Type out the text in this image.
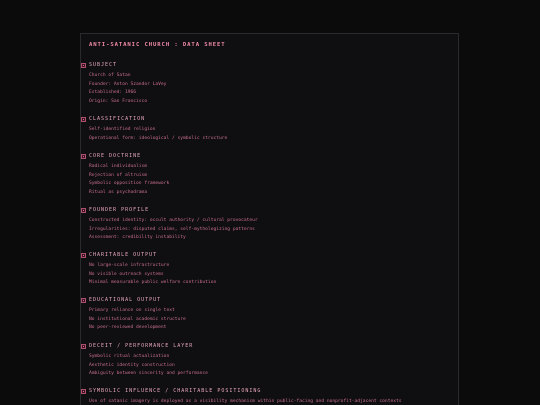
ANTI-SATANIC CHURCH : DATA SHEET
SUBJECT
Church of Satan
Founder: Anton Szandor LaVey
Established: 1966
Origin: San Francisco
CLASSIFICATION
Self-identified religion
Operational form: ideological / symbolic structure
CORE DOCTRINE
Radical individualism
Rejection of altruism
Symbolic opposition framework
Ritual as psychodrama
FOUNDER PROFILE
Constructed identity: occult authority / cultural provocateur
Irregularities: disputed claims, self-mythologizing patterns
Assessment: credibility instability
CHARITABLE OUTPUT
No large-scale infrastructure
No visible outreach systems
Minimal measurable public welfare contribution
EDUCATIONAL OUTPUT
Primary reliance on single text
No institutional academic structure
No peer-reviewed development
DECEIT / PERFORMANCE LAYER
Symbolic ritual actualization
Aesthetic identity construction
Ambiguity between sincerity and performance
SYMBOLIC INFLUENCE / CHARITABLE POSITIONING
Use of satanic imagery is deployed as a visibility mechanism within public-facing and nonprofit-adjacent contexts
